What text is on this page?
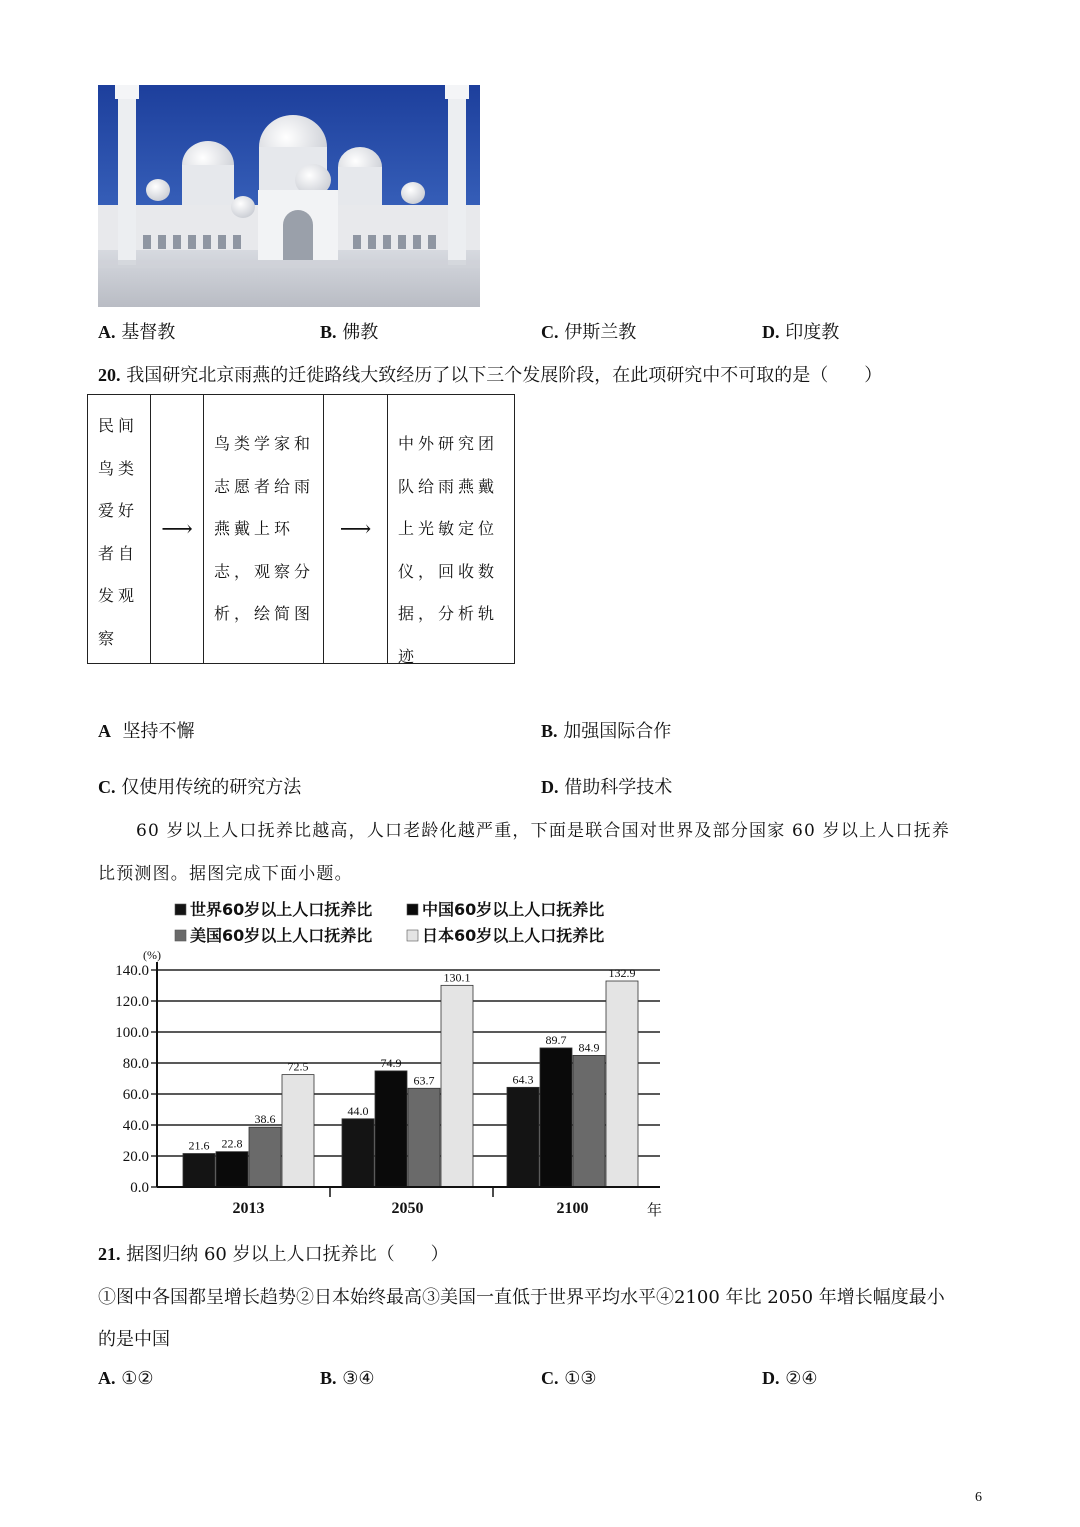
A. 基督教	B. 佛教	C. 伊斯兰教	D. 印度教
20. 我国研究北京雨燕的迁徙路线大致经历了以下三个发展阶段，在此项研究中不可取的是（　　）
民间鸟类爱好者自发观察
⟶
鸟类学家和志愿者给雨燕戴上环志，观察分析，绘简图
⟶
中外研究团队给雨燕戴上光敏定位仪，回收数据，分析轨迹
A 坚持不懈	B. 加强国际合作
C. 仅使用传统的研究方法	D. 借助科学技术
60 岁以上人口抚养比越高，人口老龄化越严重，下面是联合国对世界及部分国家 60 岁以上人口抚养
比预测图。据图完成下面小题。
世界60岁以上人口抚养比	中国60岁以上人口抚养比
美国60岁以上人口抚养比	日本60岁以上人口抚养比
21.6 22.8
38.6
72.5
44.0
74.9
63.7
130.1
64.3
89.7
84.9
132.9
(%)
0.0
20.0
40.0
60.0
80.0
100.0
120.0
140.0
2013	2050	2100	年
21. 据图归纳 60 岁以上人口抚养比（　　）
①图中各国都呈增长趋势②日本始终最高③美国一直低于世界平均水平④2100 年比 2050 年增长幅度最小
的是中国
A. ①②	B. ③④	C. ①③	D. ②④
6
